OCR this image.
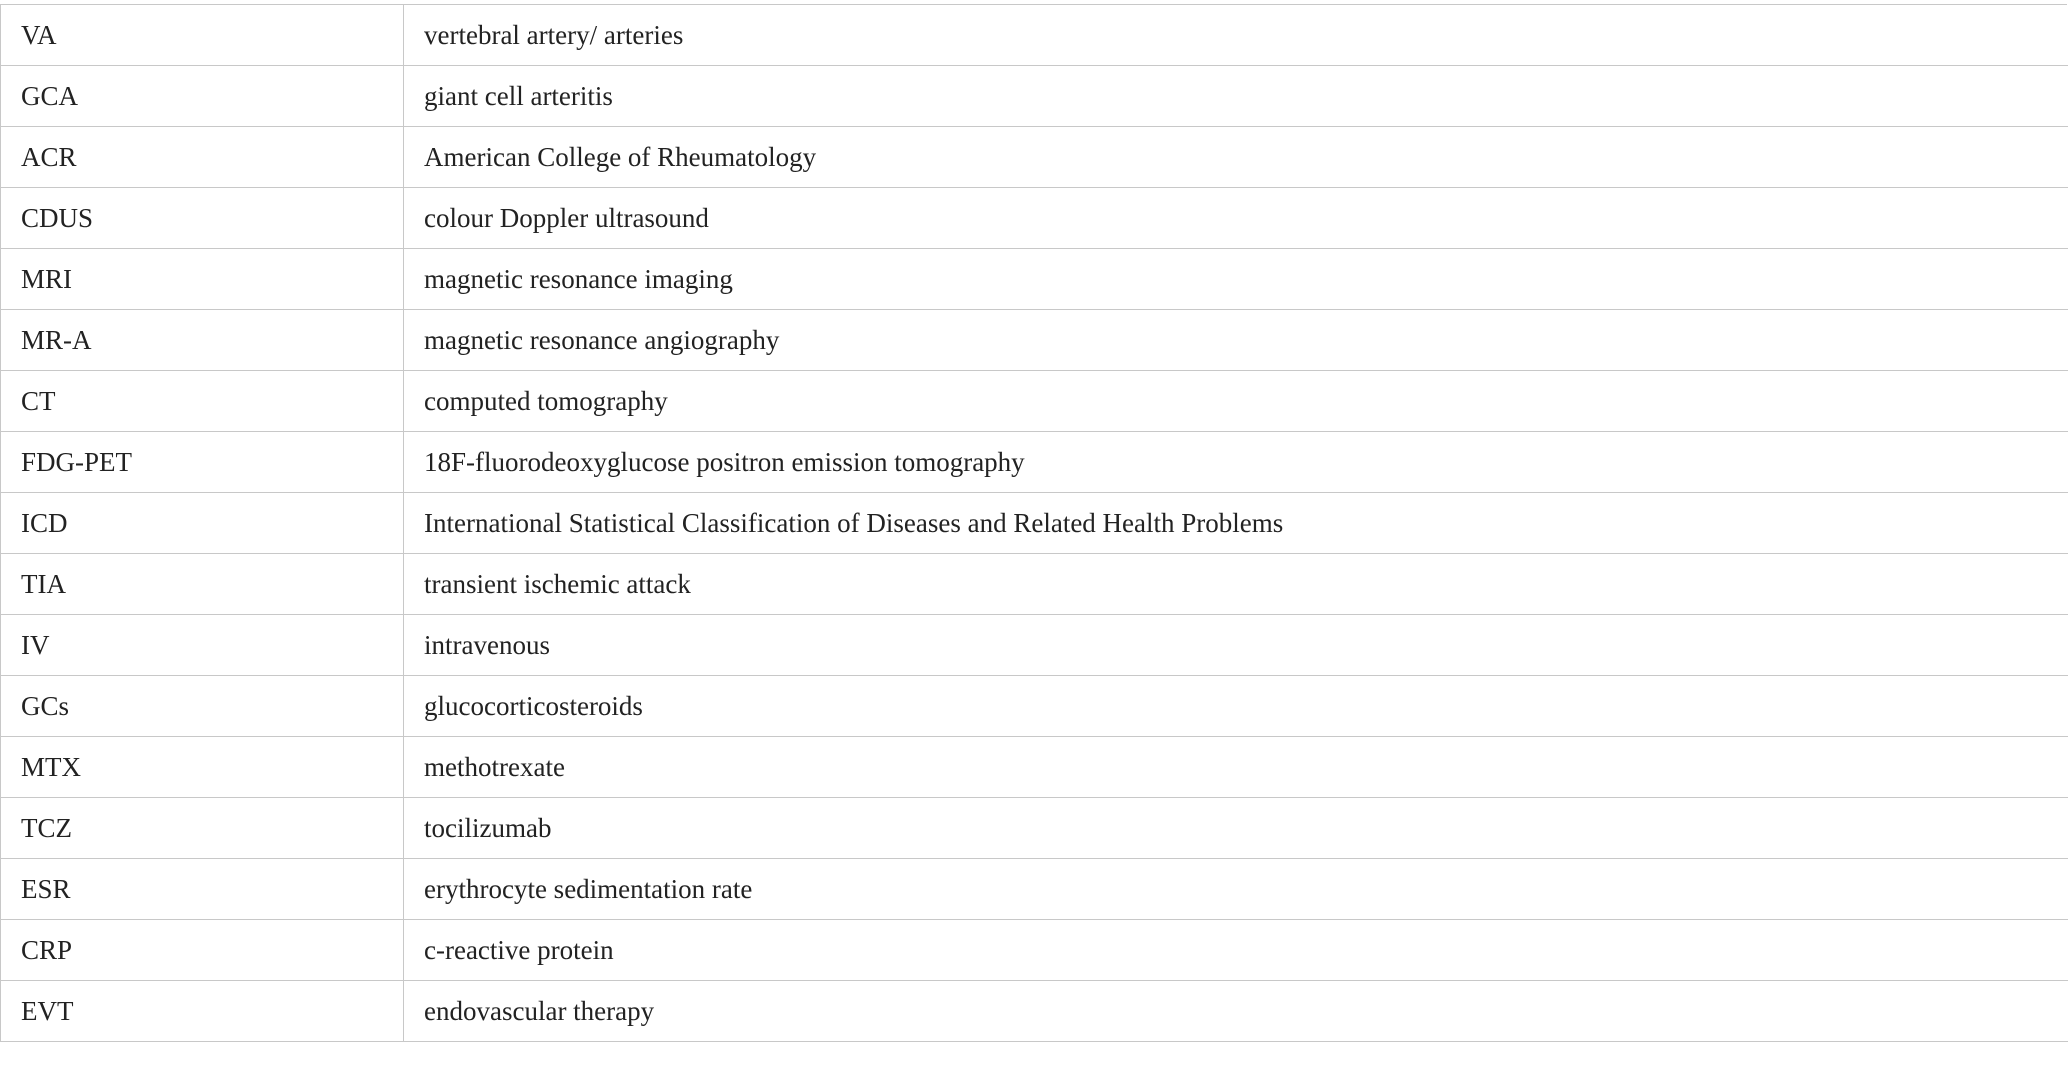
VA	vertebral artery/ arteries
GCA	giant cell arteritis
ACR	American College of Rheumatology
CDUS	colour Doppler ultrasound
MRI	magnetic resonance imaging
MR-A	magnetic resonance angiography
CT	computed tomography
FDG-PET	18F-fluorodeoxyglucose positron emission tomography
ICD	International Statistical Classification of Diseases and Related Health Problems
TIA	transient ischemic attack
IV	intravenous
GCs	glucocorticosteroids
MTX	methotrexate
TCZ	tocilizumab
ESR	erythrocyte sedimentation rate
CRP	c-reactive protein
EVT	endovascular therapy
